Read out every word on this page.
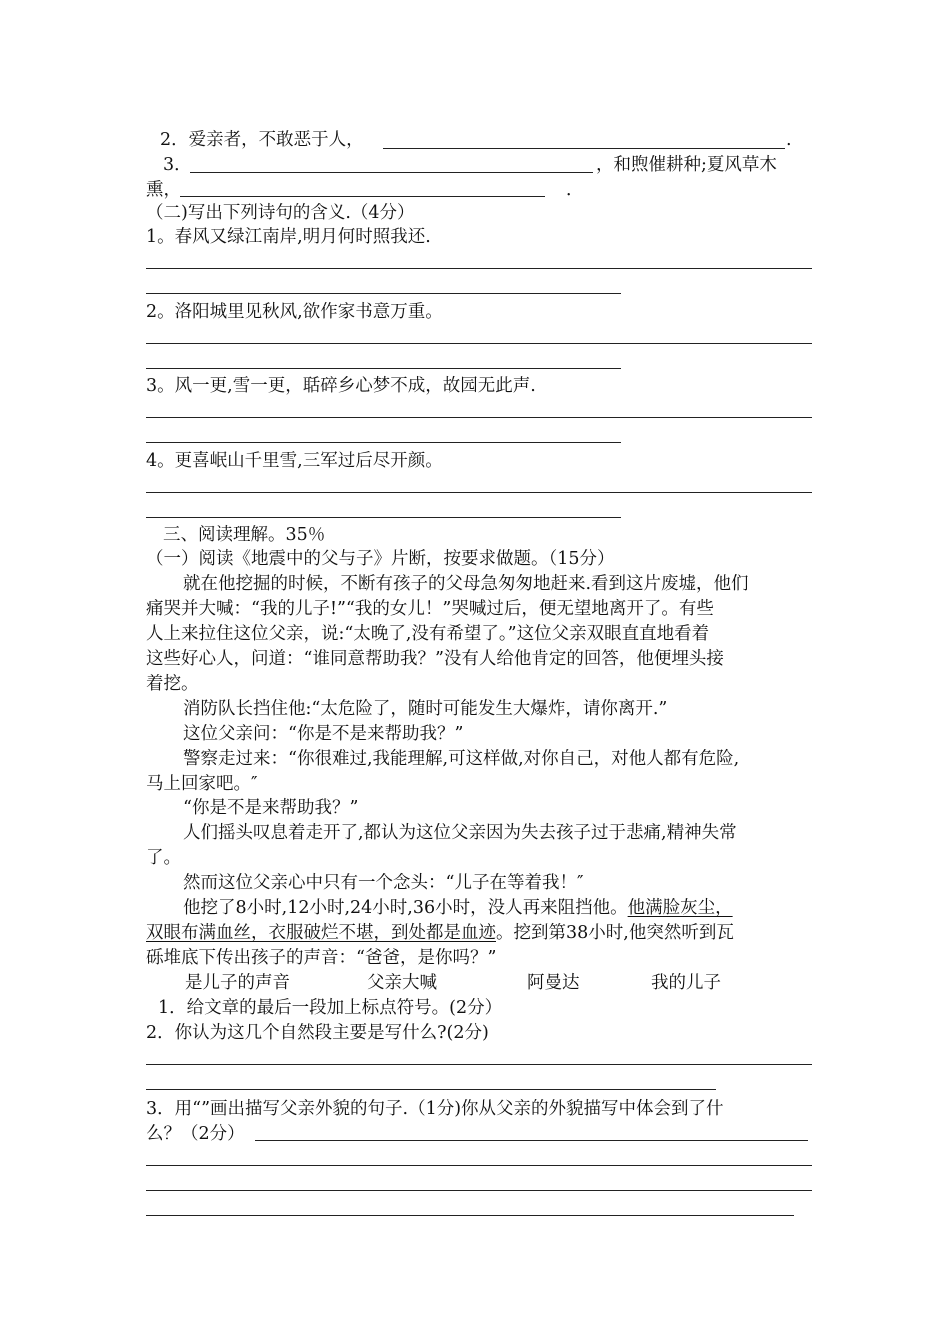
2．爱亲者，不敢恶于人，	.
3．	，和煦催耕种;夏风草木
熏，	．
（二)写出下列诗句的含义.（4分）
1。春风又绿江南岸,明月何时照我还.
2。洛阳城里见秋风,欲作家书意万重。
3。风一更,雪一更，聒碎乡心梦不成，故园无此声.
4。更喜岷山千里雪,三军过后尽开颜。
三、阅读理解。35％
（一）阅读《地震中的父与子》片断，按要求做题。（15分）
就在他挖掘的时候，不断有孩子的父母急匆匆地赶来.看到这片废墟，他们
痛哭并大喊：“我的儿子!”“我的女儿！”哭喊过后，便无望地离开了。有些
人上来拉住这位父亲，说:“太晚了,没有希望了。”这位父亲双眼直直地看着
这些好心人，问道：“谁同意帮助我？”没有人给他肯定的回答，他便埋头接
着挖。
消防队长挡住他:“太危险了，随时可能发生大爆炸，请你离开.”
这位父亲问：“你是不是来帮助我？”
警察走过来：“你很难过,我能理解,可这样做,对你自己，对他人都有危险,
马上回家吧。″
“你是不是来帮助我？”
人们摇头叹息着走开了,都认为这位父亲因为失去孩子过于悲痛,精神失常
了。
然而这位父亲心中只有一个念头：“儿子在等着我！″
他挖了8小时,12小时,24小时,36小时，没人再来阻挡他。他满脸灰尘，
双眼布满血丝，衣服破烂不堪，到处都是血迹。挖到第38小时,他突然听到瓦
砾堆底下传出孩子的声音：“爸爸，是你吗？”
是儿子的声音	父亲大喊	阿曼达	我的儿子
1．给文章的最后一段加上标点符号。(2分）
2．你认为这几个自然段主要是写什么?(2分)
3．用“”画出描写父亲外貌的句子.（1分)你从父亲的外貌描写中体会到了什
么？（2分）
